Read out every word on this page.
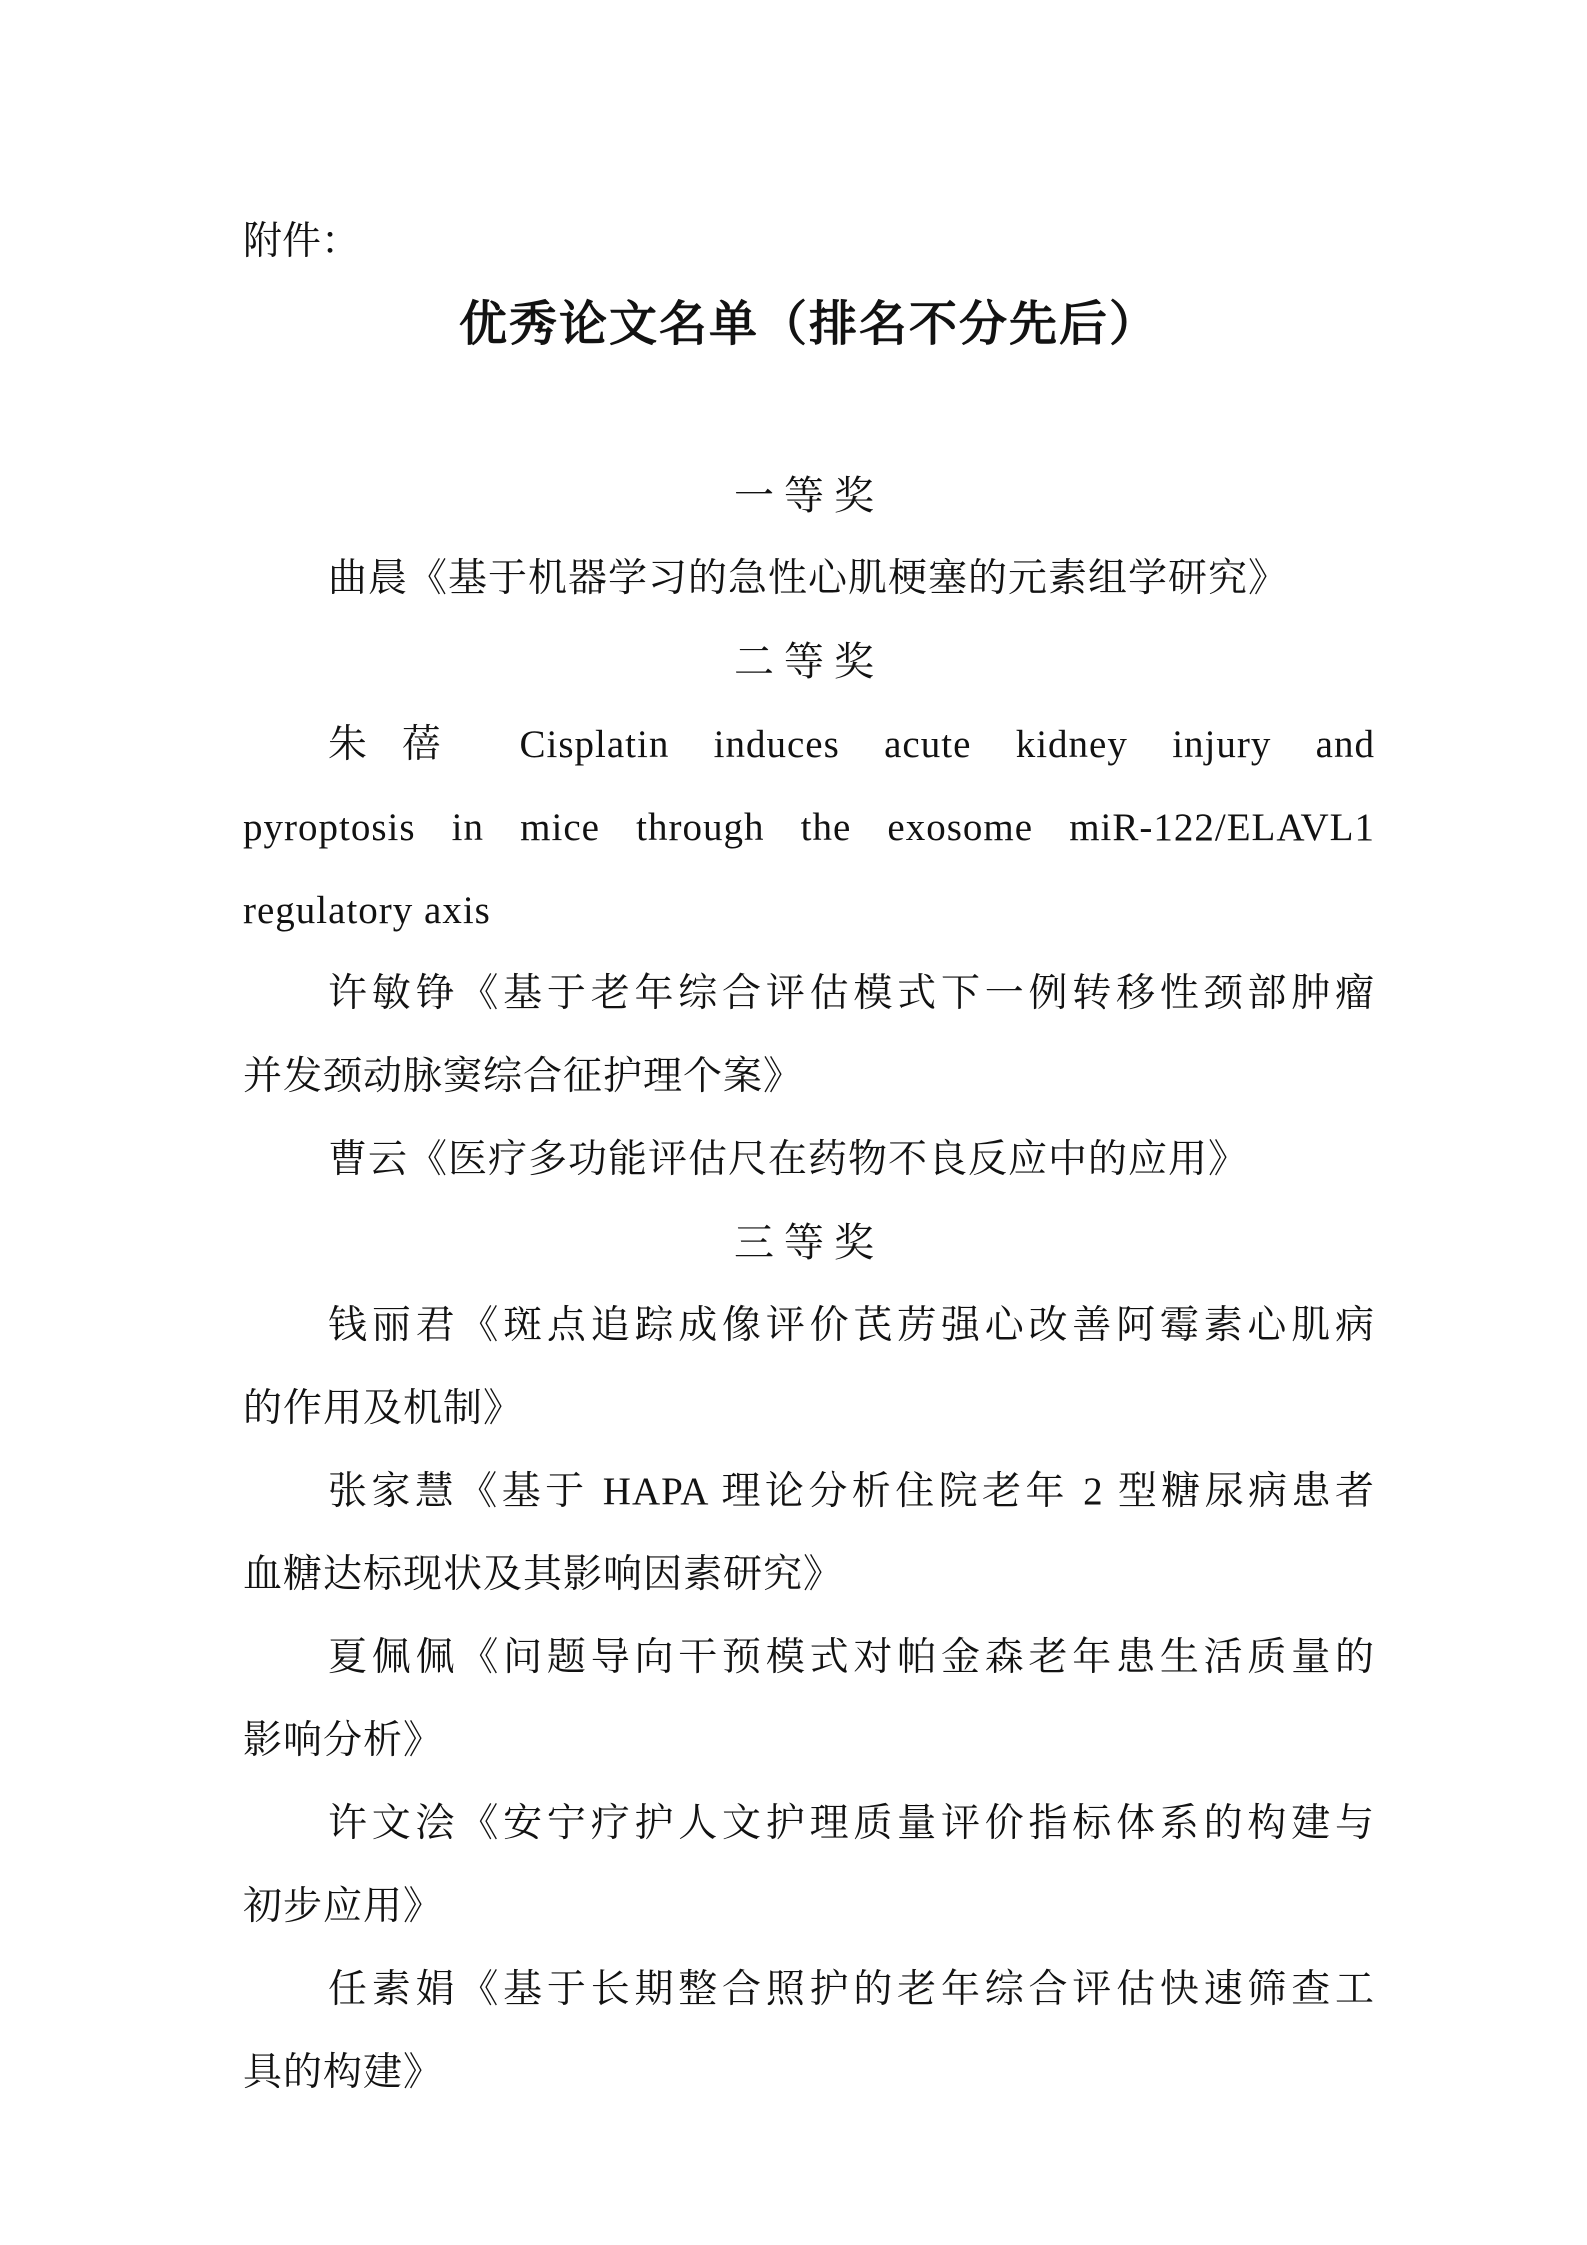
附件：

优秀论文名单（排名不分先后）
一等奖
曲晨《基于机器学习的急性心肌梗塞的元素组学研究》
二等奖
朱蓓 Cisplatin induces acute kidney injury and
pyroptosis in mice through the exosome miR-122/ELAVL1
regulatory axis
许敏铮《基于老年综合评估模式下一例转移性颈部肿瘤
并发颈动脉窦综合征护理个案》
曹云《医疗多功能评估尺在药物不良反应中的应用》
三等奖
钱丽君《斑点追踪成像评价芪苈强心改善阿霉素心肌病
的作用及机制》
张家慧《基于 HAPA 理论分析住院老年 2 型糖尿病患者
血糖达标现状及其影响因素研究》
夏佩佩《问题导向干预模式对帕金森老年患生活质量的
影响分析》
许文浍《安宁疗护人文护理质量评价指标体系的构建与
初步应用》
任素娟《基于长期整合照护的老年综合评估快速筛查工
具的构建》
